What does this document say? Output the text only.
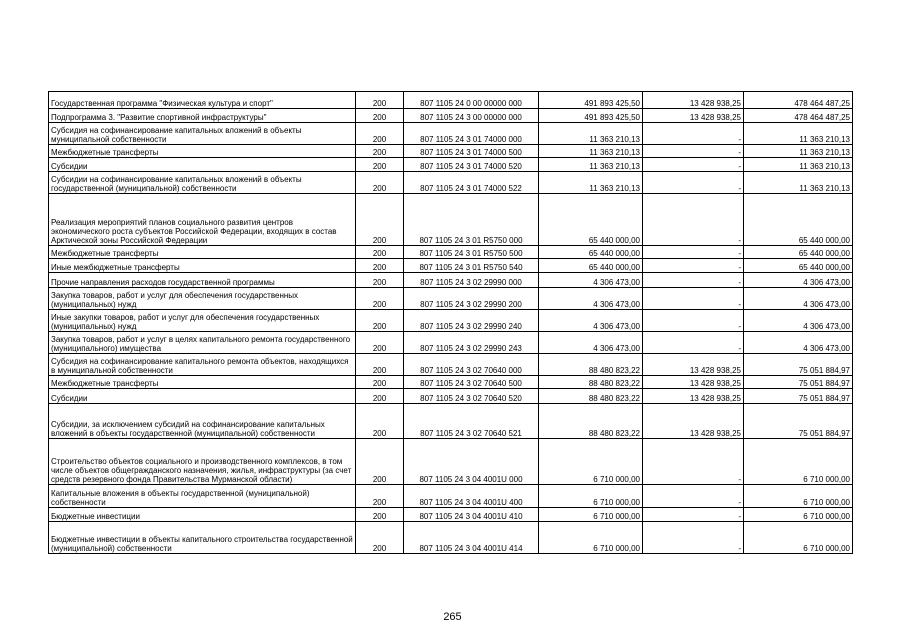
Государственная программа "Физическая культура и спорт"	200	807 1105 24 0 00 00000 000	491 893 425,50	13 428 938,25	478 464 487,25
Подпрограмма 3. "Развитие спортивной инфраструктуры"	200	807 1105 24 3 00 00000 000	491 893 425,50	13 428 938,25	478 464 487,25
Субсидия на софинансирование капитальных вложений в объекты муниципальной собственности	200	807 1105 24 3 01 74000 000	11 363 210,13	-	11 363 210,13
Межбюджетные трансферты	200	807 1105 24 3 01 74000 500	11 363 210,13	-	11 363 210,13
Субсидии	200	807 1105 24 3 01 74000 520	11 363 210,13	-	11 363 210,13
Субсидии на софинансирование капитальных вложений в объекты государственной (муниципальной) собственности	200	807 1105 24 3 01 74000 522	11 363 210,13	-	11 363 210,13
Реализация мероприятий планов социального развития центров экономического роста субъектов Российской Федерации, входящих в состав Арктической зоны Российской Федерации	200	807 1105 24 3 01 R5750 000	65 440 000,00	-	65 440 000,00
Межбюджетные трансферты	200	807 1105 24 3 01 R5750 500	65 440 000,00	-	65 440 000,00
Иные межбюджетные трансферты	200	807 1105 24 3 01 R5750 540	65 440 000,00	-	65 440 000,00
Прочие направления расходов государственной программы	200	807 1105 24 3 02 29990 000	4 306 473,00	-	4 306 473,00
Закупка товаров, работ и услуг для обеспечения государственных (муниципальных) нужд	200	807 1105 24 3 02 29990 200	4 306 473,00	-	4 306 473,00
Иные закупки товаров, работ и услуг для обеспечения государственных (муниципальных) нужд	200	807 1105 24 3 02 29990 240	4 306 473,00	-	4 306 473,00
Закупка товаров, работ и услуг в целях капитального ремонта государственного (муниципального) имущества	200	807 1105 24 3 02 29990 243	4 306 473,00	-	4 306 473,00
Субсидия на софинансирование капитального ремонта объектов, находящихся в муниципальной собственности	200	807 1105 24 3 02 70640 000	88 480 823,22	13 428 938,25	75 051 884,97
Межбюджетные трансферты	200	807 1105 24 3 02 70640 500	88 480 823,22	13 428 938,25	75 051 884,97
Субсидии	200	807 1105 24 3 02 70640 520	88 480 823,22	13 428 938,25	75 051 884,97
Субсидии, за исключением субсидий на софинансирование капитальных вложений в объекты государственной (муниципальной) собственности	200	807 1105 24 3 02 70640 521	88 480 823,22	13 428 938,25	75 051 884,97
Строительство объектов социального и производственного комплексов, в том числе объектов общегражданского назначения, жилья, инфраструктуры (за счет средств резервного фонда Правительства Мурманской области)	200	807 1105 24 3 04 4001U 000	6 710 000,00	-	6 710 000,00
Капитальные вложения в объекты государственной (муниципальной) собственности	200	807 1105 24 3 04 4001U 400	6 710 000,00	-	6 710 000,00
Бюджетные инвестиции	200	807 1105 24 3 04 4001U 410	6 710 000,00	-	6 710 000,00
Бюджетные инвестиции в объекты капитального строительства государственной (муниципальной) собственности	200	807 1105 24 3 04 4001U 414	6 710 000,00	-	6 710 000,00
265
